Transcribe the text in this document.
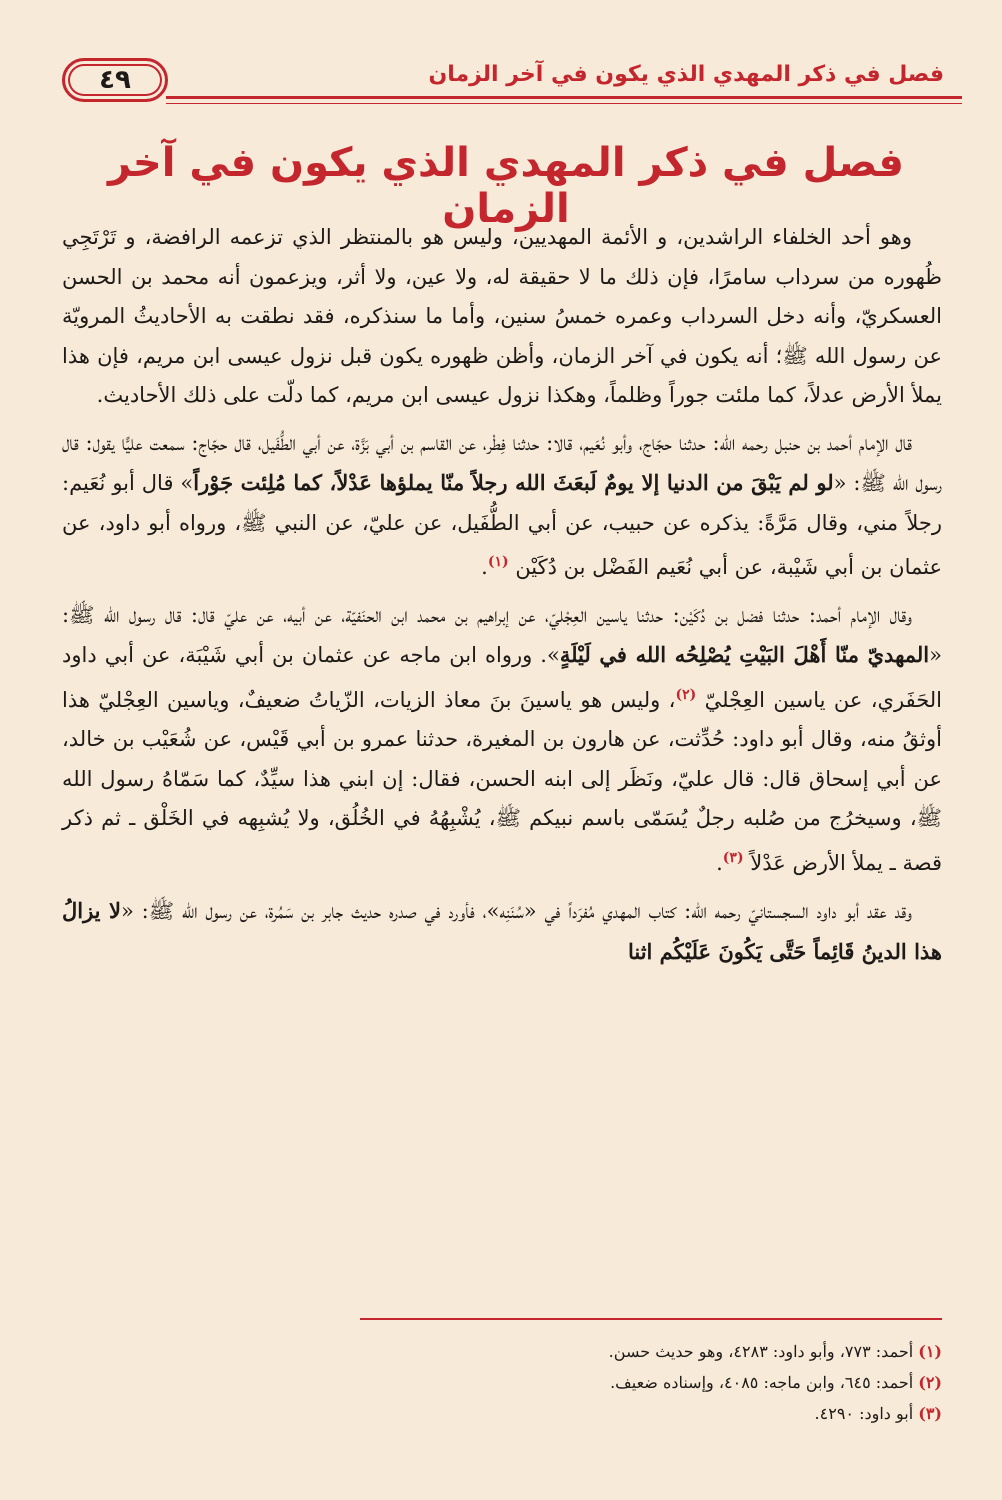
٤٩	فصل في ذكر المهدي الذي يكون في آخر الزمان
فصل في ذكر المهدي الذي يكون في آخر الزمان

وهو أحد الخلفاء الراشدين، و الأئمة المهديين، وليس هو بالمنتظر الذي تزعمه الرافضة، و تَرْتَجِي ظُهوره من سرداب سامرًا، فإن ذلك ما لا حقيقة له، ولا عين، ولا أثر، ويزعمون أنه محمد بن الحسن العسكريّ، وأنه دخل السرداب وعمره خمسُ سنين، وأما ما سنذكره، فقد نطقت به الأحاديثُ المرويّة عن رسول الله ﷺ؛ أنه يكون في آخر الزمان، وأظن ظهوره يكون قبل نزول عيسى ابن مريم، فإن هذا يملأ الأرض عدلاً، كما ملئت جوراً وظلماً، وهكذا نزول عيسى ابن مريم، كما دلّت على ذلك الأحاديث.

قال الإمام أحمد بن حنبل رحمه الله: حدثنا حجّاج، وأبو نُعَيم، قالا: حدثنا فِطْر، عن القاسم بن أبي بَزَّة، عن أبي الطُّفَيل، قال حجّاج: سمعت عليًّا يقول: قال رسول الله ﷺ: «لو لم يَبْقَ من الدنيا إلا يومٌ لَبعَثَ الله رجلاً منّا يملؤها عَدْلاً، كما مُلِئت جَوْراً» قال أبو نُعَيم: رجلاً مني، وقال مَرَّةً: يذكره عن حبيب، عن أبي الطُّفَيل، عن عليّ، عن النبي ﷺ، ورواه أبو داود، عن عثمان بن أبي شَيْبة، عن أبي نُعَيم الفَضْل بن دُكَيْن $^{(١)}$.

وقال الإمام أحمد: حدثنا فضل بن دُكَيْن: حدثنا ياسين العِجْليّ، عن إبراهيم بن محمد ابن الحنَفيّة، عن أبيه، عن عليّ قال: قال رسول الله ﷺ: «المهديّ منّا أَهْلَ البَيْتِ يُصْلِحُه الله في لَيْلَةٍ». ورواه ابن ماجه عن عثمان بن أبي شَيْبَة، عن أبي داود الحَفَري، عن ياسين العِجْليّ $^{(٢)}$، وليس هو ياسينَ بنَ معاذ الزيات، الزّياتُ ضعيفٌ، وياسين العِجْليّ هذا أوثقُ منه، وقال أبو داود: حُدِّثت، عن هارون بن المغيرة، حدثنا عمرو بن أبي قَيْس، عن شُعَيْب بن خالد، عن أبي إسحاق قال: قال عليّ، ونَظَر إلى ابنه الحسن، فقال: إن ابني هذا سيِّدٌ، كما سَمّاهُ رسول الله ﷺ، وسيخرُج من صُلبه رجلٌ يُسَمّى باسم نبيكم ﷺ، يُشْبِهُهُ في الخُلُق، ولا يُشبِهه في الخَلْق ـ ثم ذكر قصة ـ يملأ الأرض عَدْلاً $^{(٣)}$.

وقد عقد أبو داود السجستانيّ رحمه الله: كتاب المهدي مُفرَداً في «سُنَنِه»، فأورد في صدره حديث جابر بن سَمُرة، عن رسول الله ﷺ: «لا يزالُ هذا الدينُ قَائِماً حَتَّى يَكُونَ عَلَيْكُم اثنا

(١) أحمد: ٧٧٣، وأبو داود: ٤٢٨٣، وهو حديث حسن.

(٢) أحمد: ٦٤٥، وابن ماجه: ٤٠٨٥، وإسناده ضعيف.

(٣) أبو داود: ٤٢٩٠.
